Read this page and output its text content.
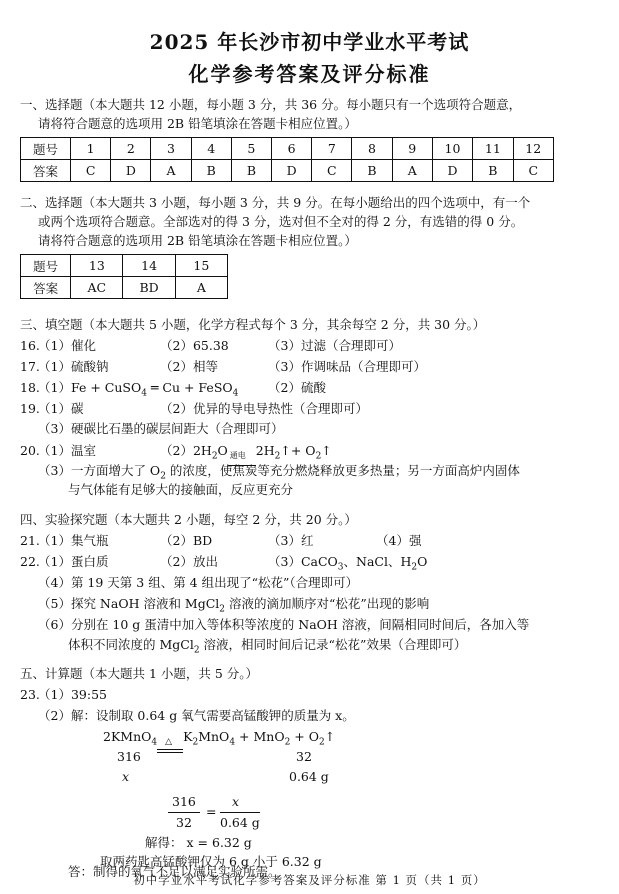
2025 年长沙市初中学业水平考试
化学参考答案及评分标准
一、选择题（本大题共 12 小题，每小题 3 分，共 36 分。每小题只有一个选项符合题意，
请将符合题意的选项用 2B 铅笔填涂在答题卡相应位置。）
题号	1	2	3	4	5	6	7	8	9	10	11	12
答案	C	D	A	B	B	D	C	B	A	D	B	C
二、选择题（本大题共 3 小题，每小题 3 分，共 9 分。在每小题给出的四个选项中，有一个
或两个选项符合题意。全部选对的得 3 分，选对但不全对的得 2 分，有选错的得 0 分。
请将符合题意的选项用 2B 铅笔填涂在答题卡相应位置。）
题号	13	14	15
答案	AC	BD	A
三、填空题（本大题共 5 小题，化学方程式每个 3 分，其余每空 2 分，共 30 分。）
16.
（1）催化	（2）65.38	（3）过滤（合理即可）
17.
（1）硫酸钠	（2）相等	（3）作调味品（合理即可）
18.
（1）Fe + CuSO$_4$ ═ Cu + FeSO$_4$ （2）硫酸
19.
（1）碳	（2）优异的导电导热性（合理即可）
（3）硬碳比石墨的碳层间距大（合理即可）
20.
（1）温室	$(2)2H_2O$ 通电 $2H_2↑+$ $O_2↑$
（3）一方面增大了 $O_2$ 的浓度，使焦炭等充分燃烧释放更多热量；另一方面高炉内固体
与气体能有足够大的接触面，反应更充分
四、实验探究题（本大题共 2 小题，每空 2 分，共 20 分。）
21.
（1）集气瓶	（2）BD	（3）红	（4）强
22.
（1）蛋白质	（2）放出	（3）CaCO$_3$、NaCl、$H_2O$
（4）第 19 天第 3 组、第 4 组出现了“松花”（合理即可）
（5）探究 NaOH 溶液和 MgCl$_2$ 溶液的滴加顺序对“松花”出现的影响
（6）分别在 10 g 蛋清中加入等体积等浓度的 NaOH 溶液，间隔相同时间后，各加入等
体积不同浓度的 MgCl$_2$ 溶液，相同时间后记录“松花”效果（合理即可）
五、计算题（本大题共 1 小题，共 5 分。）
23.
（1）39:55
（2）解：设制取 0.64 g 氧气需要高锰酸钾的质量为 x。
2KMnO$_4$ △ $K_2MnO_4 + MnO_2$ + $O_2↑$
316	32
x	0.64 g
316
32
=
x
0.64 g
解得： x = 6.32 g
取两药匙高锰酸钾仅为 6 g 小于 6.32 g
答：制得的氧气不足以满足实验所需。
初中学业水平考试化学参考答案及评分标准 第 1 页（共 1 页）
